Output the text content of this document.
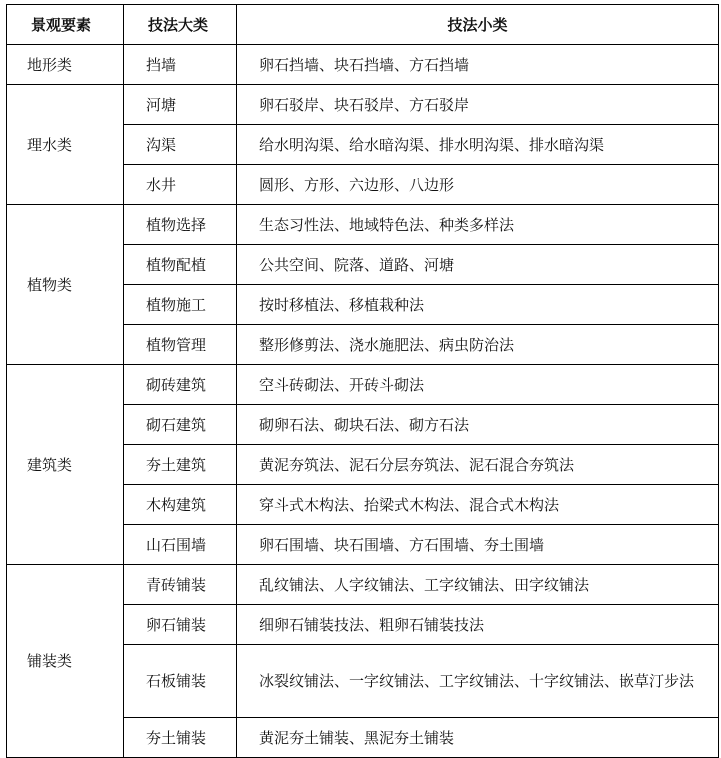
景观要素	技法大类	技法小类
地形类	挡墙	卵石挡墙、块石挡墙、方石挡墙
理水类	河塘	卵石驳岸、块石驳岸、方石驳岸
	沟渠	给水明沟渠、给水暗沟渠、排水明沟渠、排水暗沟渠
	水井	圆形、方形、六边形、八边形
植物类	植物选择	生态习性法、地域特色法、种类多样法
	植物配植	公共空间、院落、道路、河塘
	植物施工	按时移植法、移植栽种法
	植物管理	整形修剪法、浇水施肥法、病虫防治法
建筑类	砌砖建筑	空斗砖砌法、开砖斗砌法
	砌石建筑	砌卵石法、砌块石法、砌方石法
	夯土建筑	黄泥夯筑法、泥石分层夯筑法、泥石混合夯筑法
	木构建筑	穿斗式木构法、抬梁式木构法、混合式木构法
	山石围墙	卵石围墙、块石围墙、方石围墙、夯土围墙
铺装类	青砖铺装	乱纹铺法、人字纹铺法、工字纹铺法、田字纹铺法
	卵石铺装	细卵石铺装技法、粗卵石铺装技法
	石板铺装	冰裂纹铺法、一字纹铺法、工字纹铺法、十字纹铺法、嵌草汀步法
	夯土铺装	黄泥夯土铺装、黑泥夯土铺装
